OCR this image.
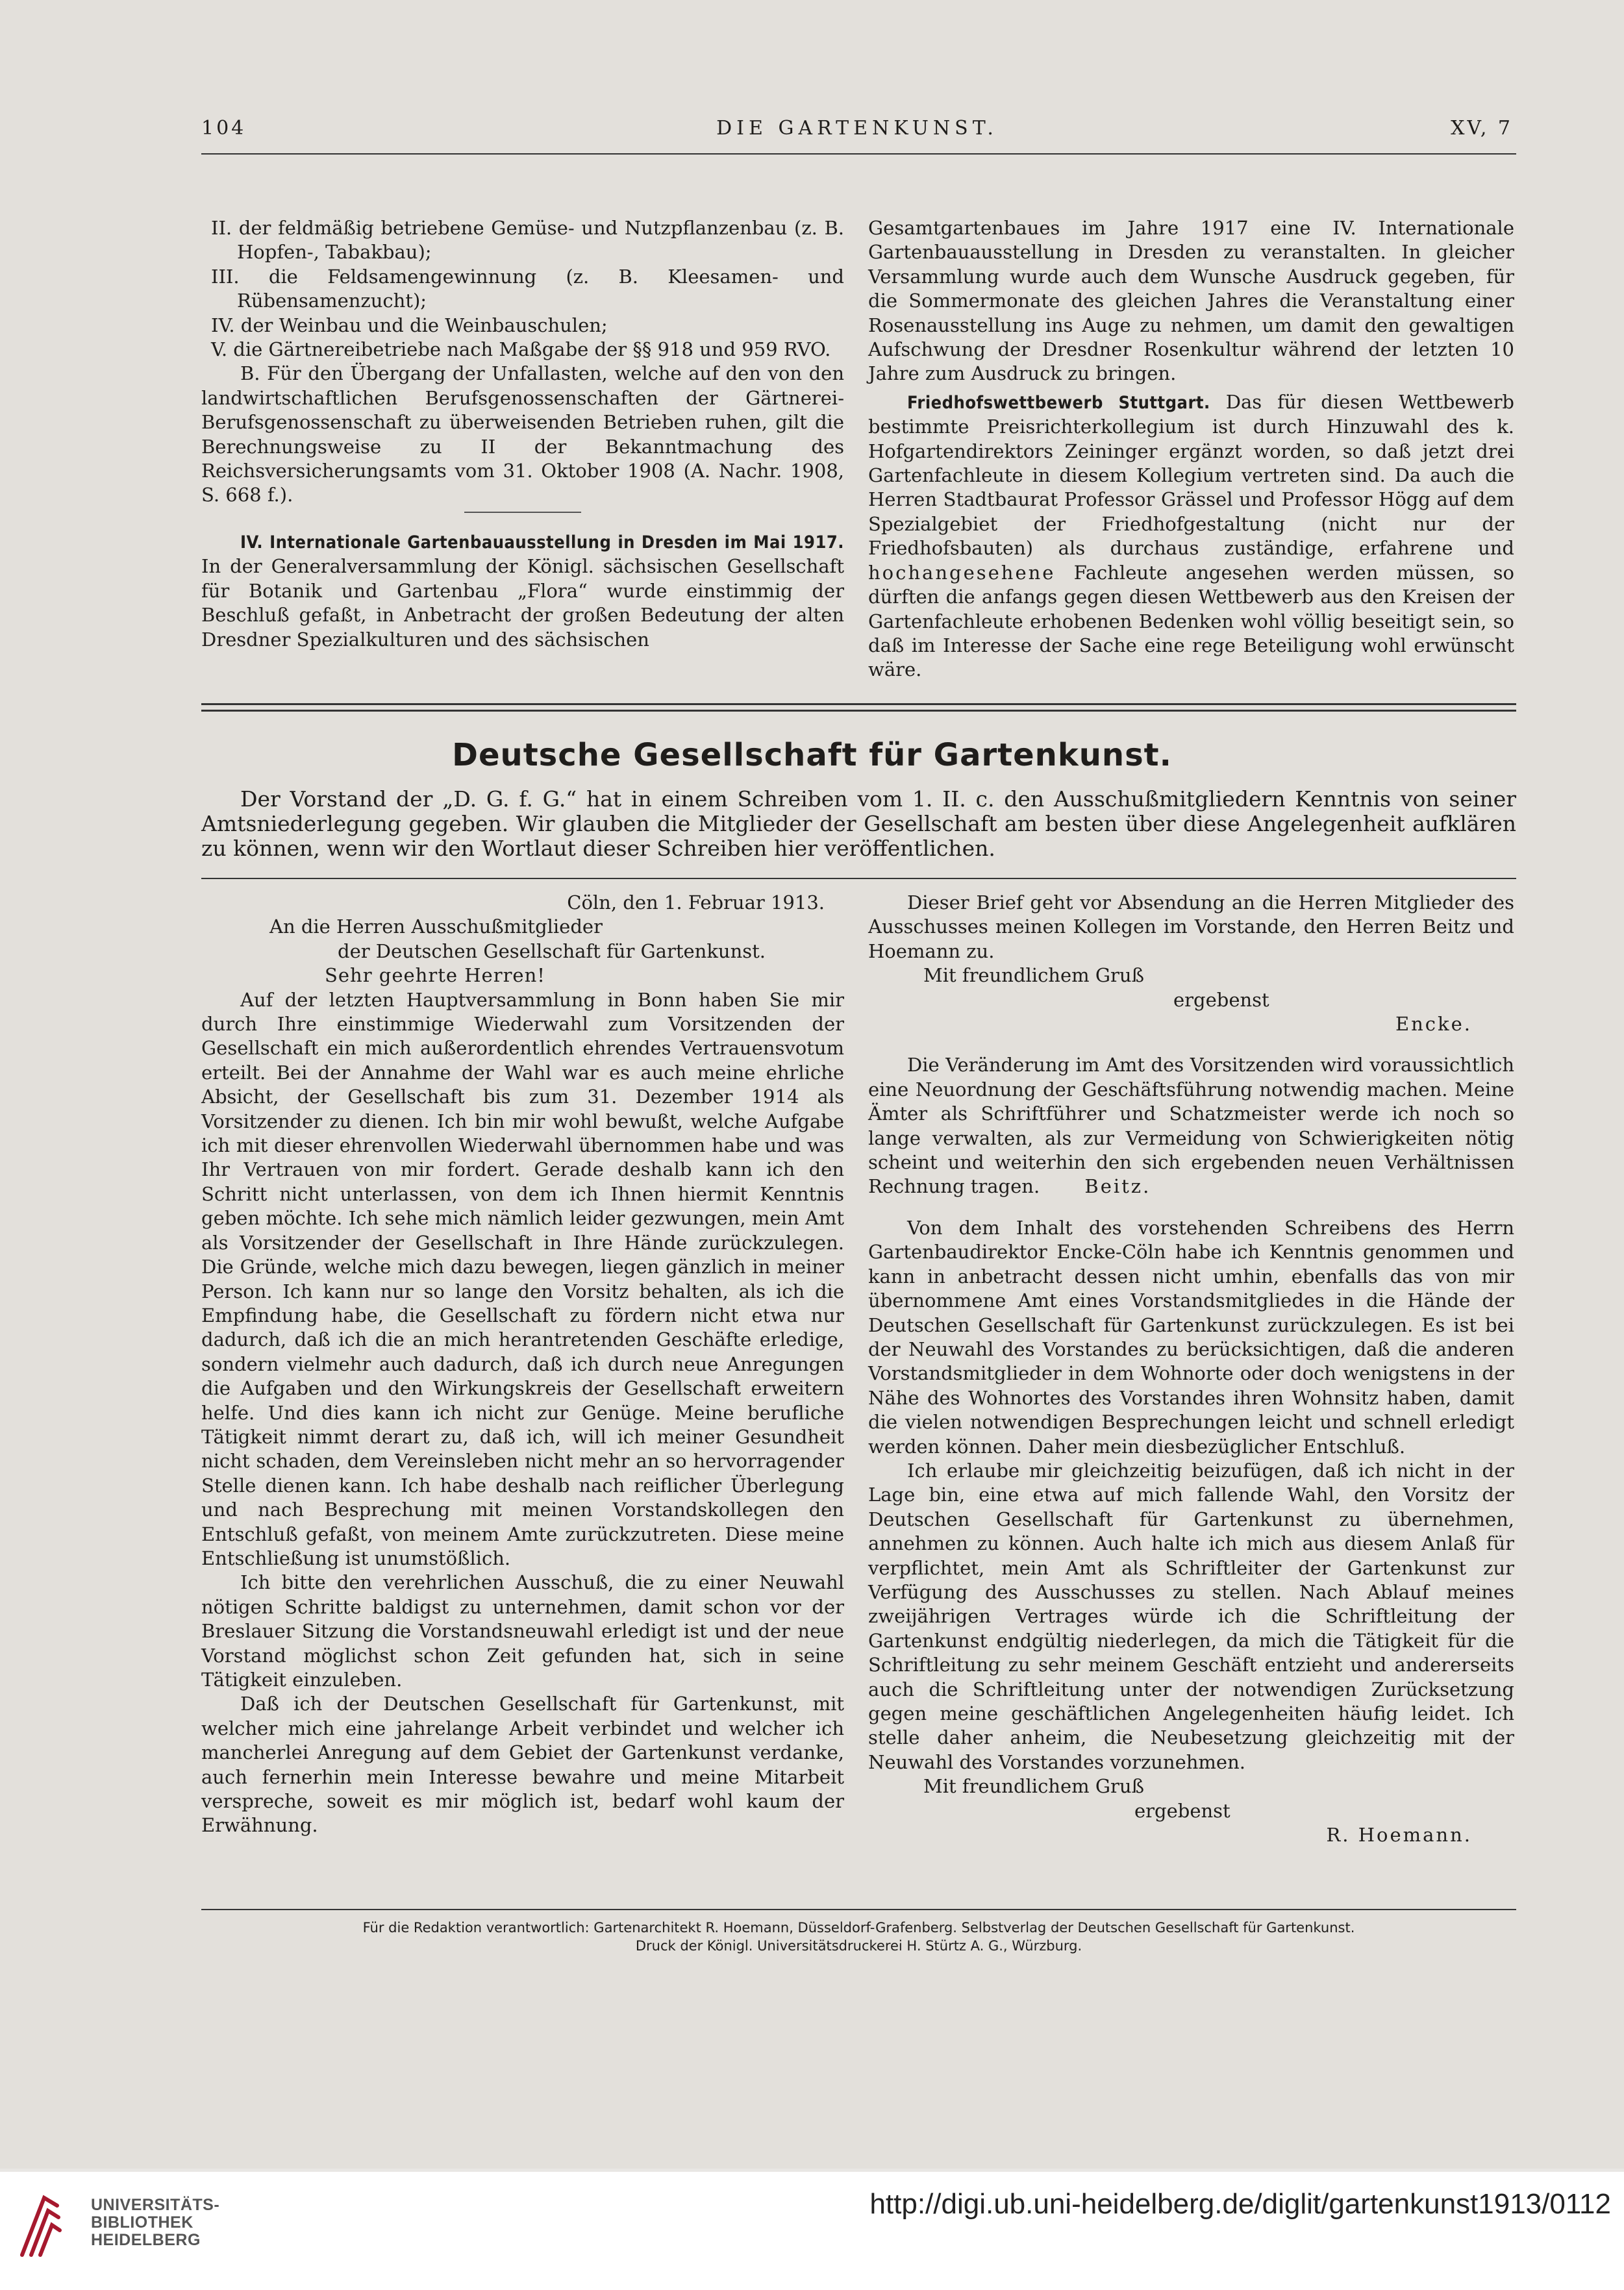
104	DIE GARTENKUNST.	XV, 7

II. der feldmäßig betriebene Gemüse- und Nutzpflanzenbau (z. B. Hopfen-, Tabakbau);

III. die Feldsamengewinnung (z. B. Kleesamen- und Rübensamenzucht);

IV. der Weinbau und die Weinbauschulen;

V. die Gärtnereibetriebe nach Maßgabe der §§ 918 und 959 RVO.

B. Für den Übergang der Unfallasten, welche auf den von den landwirtschaftlichen Berufsgenossenschaften der Gärtnerei-Berufsgenossenschaft zu überweisenden Betrieben ruhen, gilt die Berechnungsweise zu II der Bekanntmachung des Reichsversicherungsamts vom 31. Oktober 1908 (A. Nachr. 1908, S. 668 f.).

IV. Internationale Gartenbauausstellung in Dresden im Mai 1917. In der Generalversammlung der Königl. sächsischen Gesellschaft für Botanik und Gartenbau „Flora“ wurde einstimmig der Beschluß gefaßt, in Anbetracht der großen Bedeutung der alten Dresdner Spezialkulturen und des sächsischen

Gesamtgartenbaues im Jahre 1917 eine IV. Internationale Gartenbauausstellung in Dresden zu veranstalten. In gleicher Versammlung wurde auch dem Wunsche Ausdruck gegeben, für die Sommermonate des gleichen Jahres die Veranstaltung einer Rosenausstellung ins Auge zu nehmen, um damit den gewaltigen Aufschwung der Dresdner Rosenkultur während der letzten 10 Jahre zum Ausdruck zu bringen.

Friedhofswettbewerb Stuttgart. Das für diesen Wettbewerb bestimmte Preisrichterkollegium ist durch Hinzuwahl des k. Hofgartendirektors Zeininger ergänzt worden, so daß jetzt drei Gartenfachleute in diesem Kollegium vertreten sind. Da auch die Herren Stadtbaurat Professor Grässel und Professor Högg auf dem Spezialgebiet der Friedhofgestaltung (nicht nur der Friedhofsbauten) als durchaus zuständige, erfahrene und hochangesehene Fachleute angesehen werden müssen, so dürften die anfangs gegen diesen Wettbewerb aus den Kreisen der Gartenfachleute erhobenen Bedenken wohl völlig beseitigt sein, so daß im Interesse der Sache eine rege Beteiligung wohl erwünscht wäre.

Deutsche Gesellschaft für Gartenkunst.
Der Vorstand der „D. G. f. G.“ hat in einem Schreiben vom 1. II. c. den Ausschußmitgliedern Kenntnis von seiner Amtsniederlegung gegeben. Wir glauben die Mitglieder der Gesellschaft am besten über diese Angelegenheit aufklären zu können, wenn wir den Wortlaut dieser Schreiben hier veröffentlichen.

Cöln, den 1. Februar 1913.

An die Herren Ausschußmitglieder

der Deutschen Gesellschaft für Gartenkunst.

Sehr geehrte Herren!

Auf der letzten Hauptversammlung in Bonn haben Sie mir durch Ihre einstimmige Wiederwahl zum Vorsitzenden der Gesellschaft ein mich außerordentlich ehrendes Vertrauensvotum erteilt. Bei der Annahme der Wahl war es auch meine ehrliche Absicht, der Gesellschaft bis zum 31. Dezember 1914 als Vorsitzender zu dienen. Ich bin mir wohl bewußt, welche Aufgabe ich mit dieser ehrenvollen Wiederwahl übernommen habe und was Ihr Vertrauen von mir fordert. Gerade deshalb kann ich den Schritt nicht unterlassen, von dem ich Ihnen hiermit Kenntnis geben möchte. Ich sehe mich nämlich leider gezwungen, mein Amt als Vorsitzender der Gesellschaft in Ihre Hände zurückzulegen. Die Gründe, welche mich dazu bewegen, liegen gänzlich in meiner Person. Ich kann nur so lange den Vorsitz behalten, als ich die Empfindung habe, die Gesellschaft zu fördern nicht etwa nur dadurch, daß ich die an mich herantretenden Geschäfte erledige, sondern vielmehr auch dadurch, daß ich durch neue Anregungen die Aufgaben und den Wirkungskreis der Gesellschaft erweitern helfe. Und dies kann ich nicht zur Genüge. Meine berufliche Tätigkeit nimmt derart zu, daß ich, will ich meiner Gesundheit nicht schaden, dem Vereinsleben nicht mehr an so hervorragender Stelle dienen kann. Ich habe deshalb nach reiflicher Überlegung und nach Besprechung mit meinen Vorstandskollegen den Entschluß gefaßt, von meinem Amte zurückzutreten. Diese meine Entschließung ist unumstößlich.

Ich bitte den verehrlichen Ausschuß, die zu einer Neuwahl nötigen Schritte baldigst zu unternehmen, damit schon vor der Breslauer Sitzung die Vorstandsneuwahl erledigt ist und der neue Vorstand möglichst schon Zeit gefunden hat, sich in seine Tätigkeit einzuleben.

Daß ich der Deutschen Gesellschaft für Gartenkunst, mit welcher mich eine jahrelange Arbeit verbindet und welcher ich mancherlei Anregung auf dem Gebiet der Gartenkunst verdanke, auch fernerhin mein Interesse bewahre und meine Mitarbeit verspreche, soweit es mir möglich ist, bedarf wohl kaum der Erwähnung.

Dieser Brief geht vor Absendung an die Herren Mitglieder des Ausschusses meinen Kollegen im Vorstande, den Herren Beitz und Hoemann zu.

Mit freundlichem Gruß

ergebenst

Encke.

Die Veränderung im Amt des Vorsitzenden wird voraussichtlich eine Neuordnung der Geschäftsführung notwendig machen. Meine Ämter als Schriftführer und Schatzmeister werde ich noch so lange verwalten, als zur Vermeidung von Schwierigkeiten nötig scheint und weiterhin den sich ergebenden neuen Verhältnissen Rechnung tragen. Beitz.

Von dem Inhalt des vorstehenden Schreibens des Herrn Gartenbaudirektor Encke-Cöln habe ich Kenntnis genommen und kann in anbetracht dessen nicht umhin, ebenfalls das von mir übernommene Amt eines Vorstandsmitgliedes in die Hände der Deutschen Gesellschaft für Gartenkunst zurückzulegen. Es ist bei der Neuwahl des Vorstandes zu berücksichtigen, daß die anderen Vorstandsmitglieder in dem Wohnorte oder doch wenigstens in der Nähe des Wohnortes des Vorstandes ihren Wohnsitz haben, damit die vielen notwendigen Besprechungen leicht und schnell erledigt werden können. Daher mein diesbezüglicher Entschluß.

Ich erlaube mir gleichzeitig beizufügen, daß ich nicht in der Lage bin, eine etwa auf mich fallende Wahl, den Vorsitz der Deutschen Gesellschaft für Gartenkunst zu übernehmen, annehmen zu können. Auch halte ich mich aus diesem Anlaß für verpflichtet, mein Amt als Schriftleiter der Gartenkunst zur Verfügung des Ausschusses zu stellen. Nach Ablauf meines zweijährigen Vertrages würde ich die Schriftleitung der Gartenkunst endgültig niederlegen, da mich die Tätigkeit für die Schriftleitung zu sehr meinem Geschäft entzieht und andererseits auch die Schriftleitung unter der notwendigen Zurücksetzung gegen meine geschäftlichen Angelegenheiten häufig leidet. Ich stelle daher anheim, die Neubesetzung gleichzeitig mit der Neuwahl des Vorstandes vorzunehmen.

Mit freundlichem Gruß

ergebenst

R. Hoemann.

Für die Redaktion verantwortlich: Gartenarchitekt R. Hoemann, Düsseldorf-Grafenberg. Selbstverlag der Deutschen Gesellschaft für Gartenkunst.
Druck der Königl. Universitätsdruckerei H. Stürtz A. G., Würzburg.
UNIVERSITÄTS-
BIBLIOTHEK
HEIDELBERG
http://digi.ub.uni-heidelberg.de/diglit/gartenkunst1913/0112
